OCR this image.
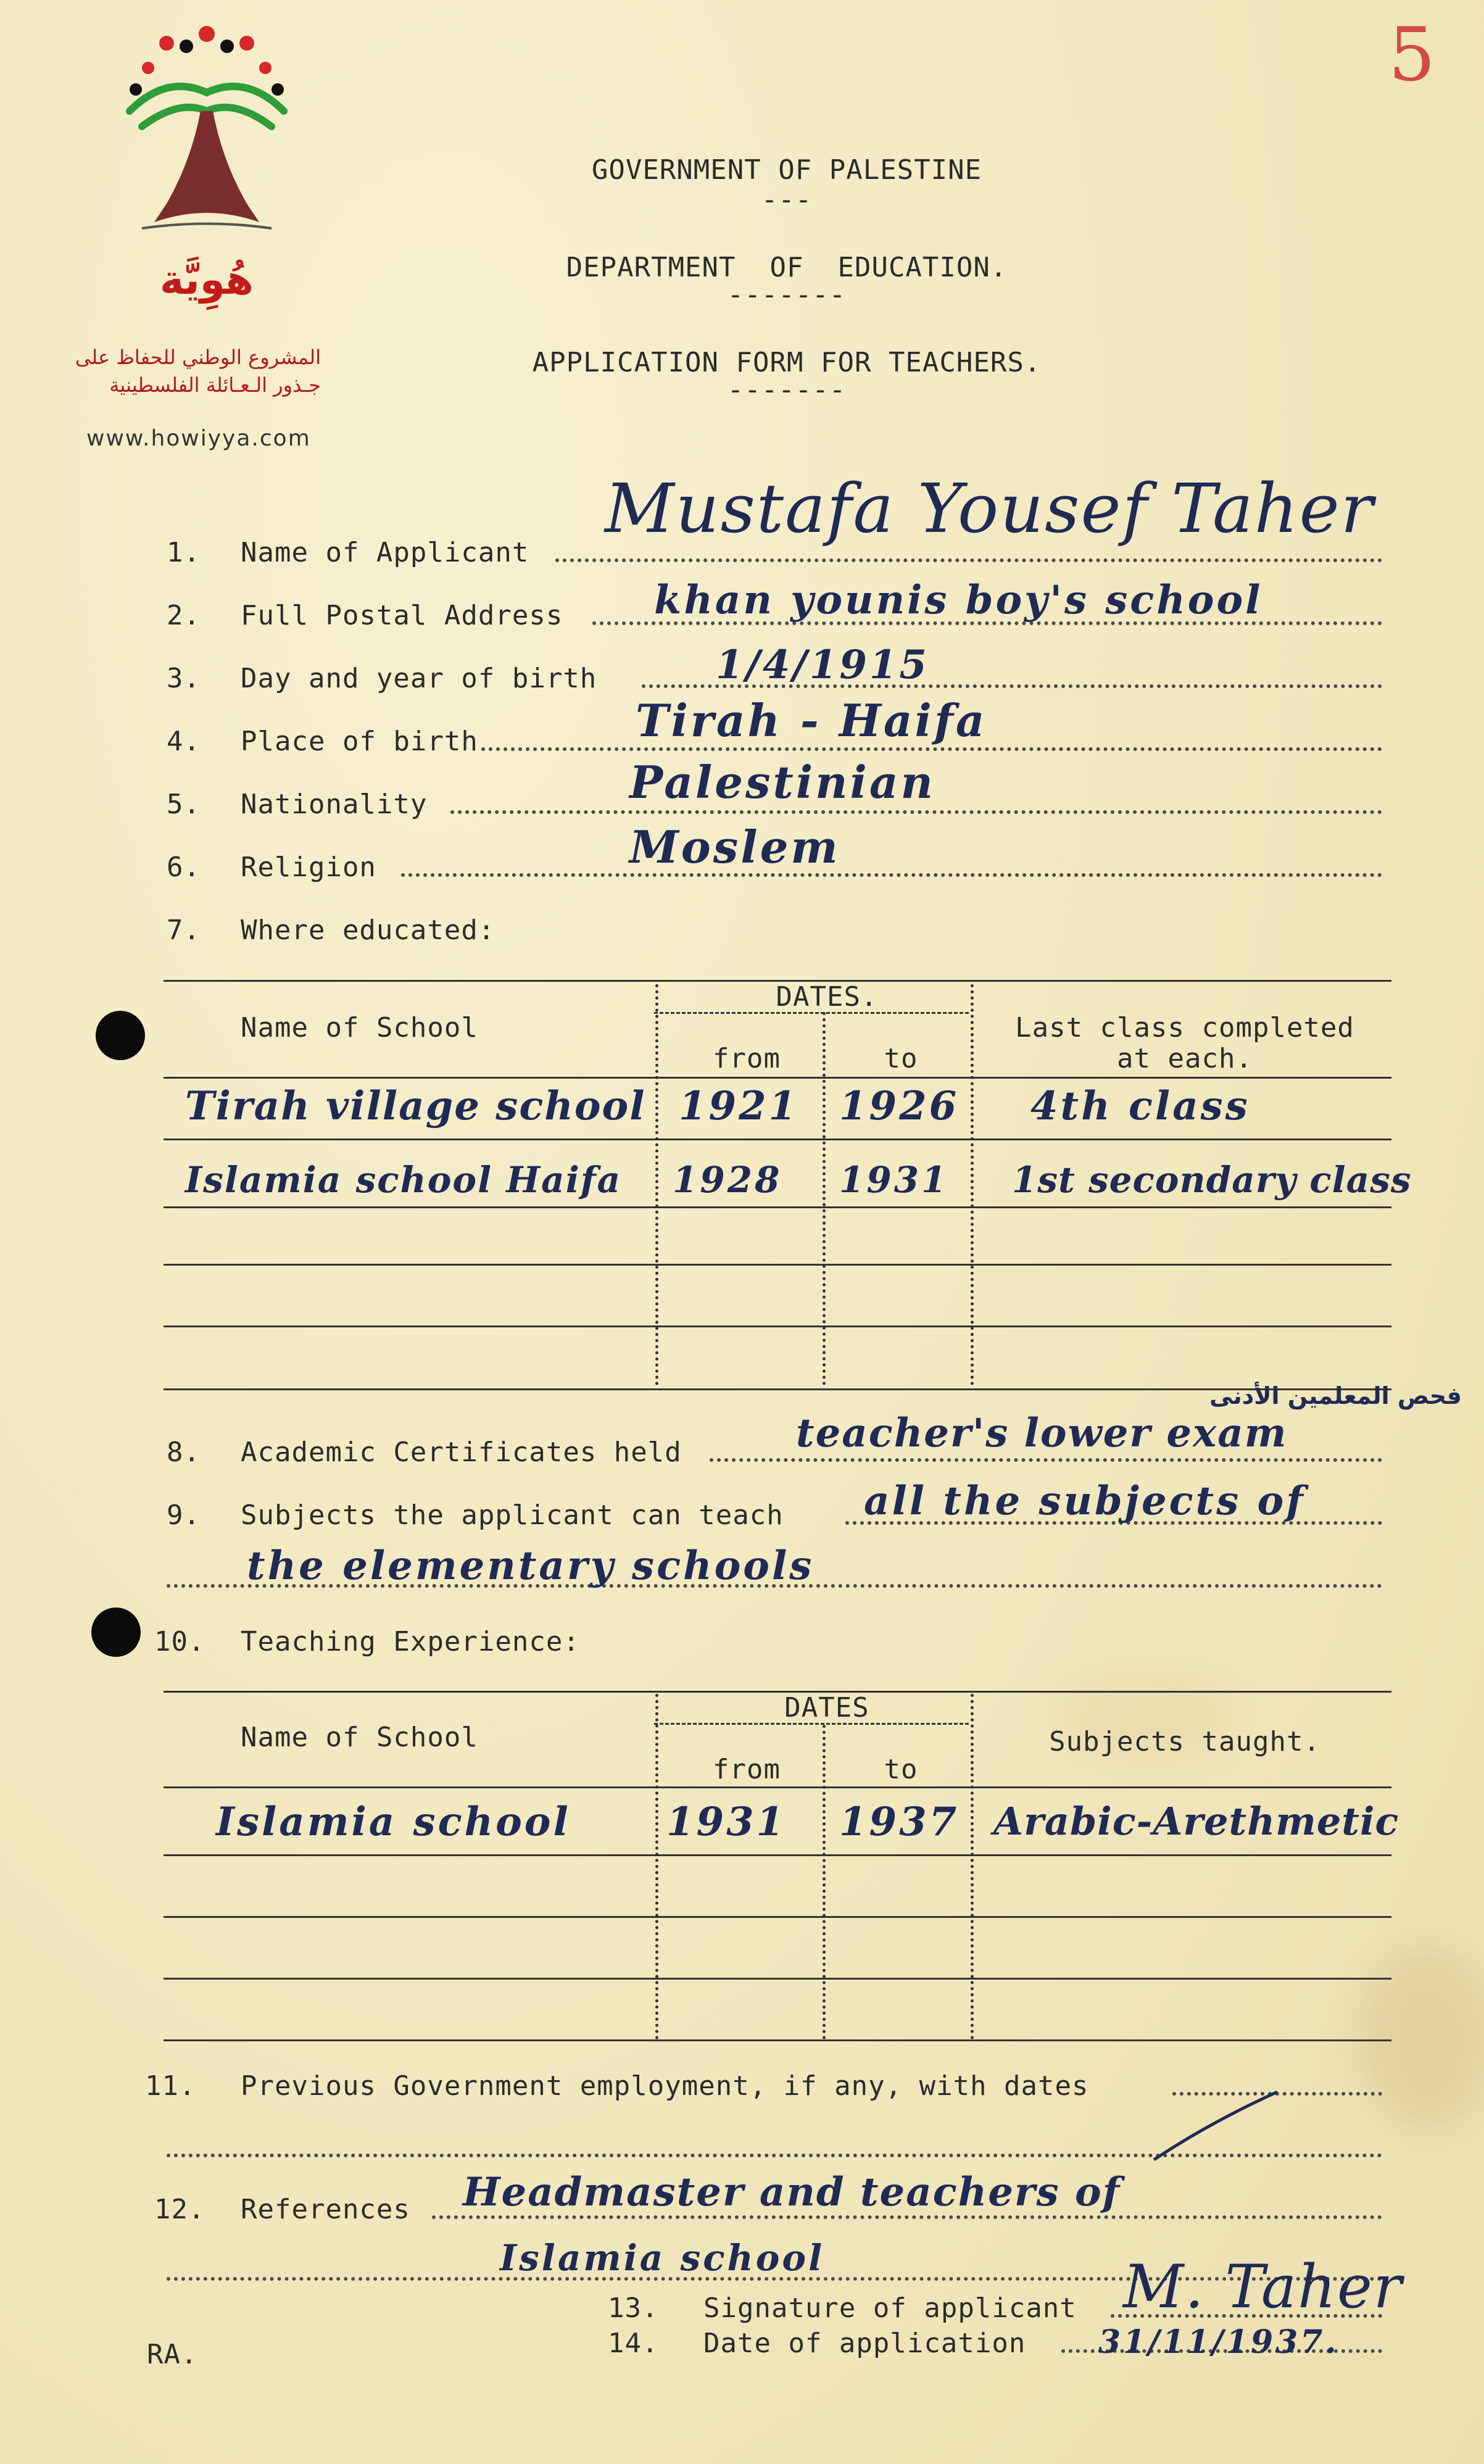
هُوِيَّة
المشروع الوطني للحفاظ على
جـذور الـعـائلة الفلسطينية
www.howiyya.com
5
GOVERNMENT OF PALESTINE
---
DEPARTMENT  OF  EDUCATION.
-------
APPLICATION FORM FOR TEACHERS.
-------
1. Name of Applicant
Mustafa Yousef Taher
2. Full Postal Address khan younis boy's school
3. Day and year of birth	1/4/1915
4. Place of birth	Tirah - Haifa
5. Nationality	Palestinian
6. Religion	Moslem
7. Where educated:
Name of School
DATES.
from	to
Last class completed
at each.
Tirah village school 1921 1926 4th class
Islamia school Haifa 1928 1931 1st secondary class
8. Academic Certificates held	teacher's lower exam
فحص المعلمين الأدنى
9. Subjects the applicant can teach all the subjects of
the elementary schools
10. Teaching Experience:
Name of School
DATES
from	to
Subjects taught.
Islamia school 1931 1937 Arabic-Arethmetic
11. Previous Government employment, if any, with dates
12. References Headmaster and teachers of
Islamia school
13. Signature of applicant M. Taher
14. Date of application 31/11/1937.
RA.
